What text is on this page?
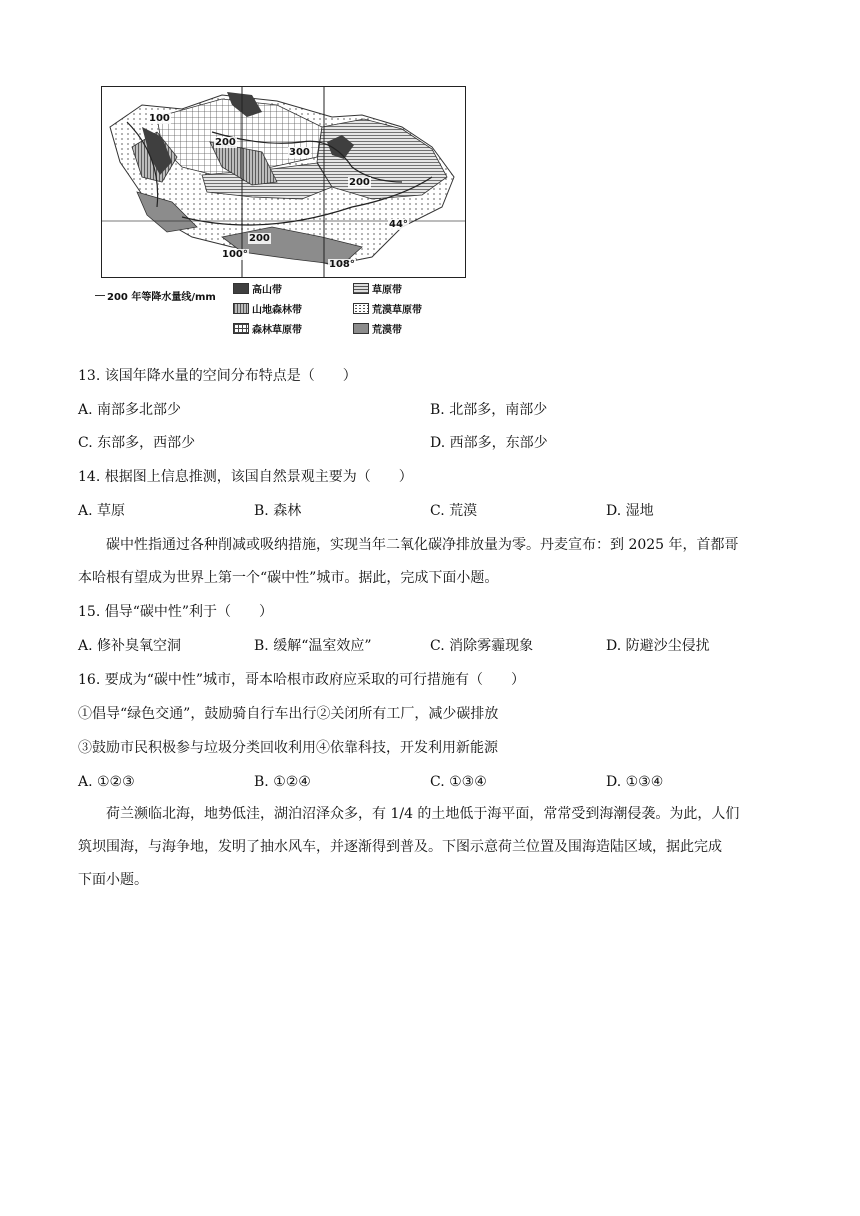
100
200
300
200
200
100°
108°
44°
200 年等降水量线/mm
高山带
山地森林带
森林草原带
草原带
荒漠草原带
荒漠带
13. 该国年降水量的空间分布特点是（　　）
A. 南部多北部少	B. 北部多，南部少
C. 东部多，西部少	D. 西部多，东部少
14. 根据图上信息推测，该国自然景观主要为（　　）
A. 草原	B. 森林	C. 荒漠	D. 湿地
碳中性指通过各种削减或吸纳措施，实现当年二氧化碳净排放量为零。丹麦宣布：到 2025 年，首都哥
本哈根有望成为世界上第一个“碳中性”城市。据此，完成下面小题。
15. 倡导“碳中性”利于（　　）
A. 修补臭氧空洞	B. 缓解“温室效应”	C. 消除雾霾现象	D. 防避沙尘侵扰
16. 要成为“碳中性”城市，哥本哈根市政府应采取的可行措施有（　　）
①倡导“绿色交通”，鼓励骑自行车出行②关闭所有工厂，减少碳排放
③鼓励市民积极参与垃圾分类回收利用④依靠科技，开发利用新能源
A. ①②③	B. ①②④	C. ①③④	D. ①③④
荷兰濒临北海，地势低洼，湖泊沼泽众多，有 1/4 的土地低于海平面，常常受到海潮侵袭。为此，人们
筑坝围海，与海争地，发明了抽水风车，并逐渐得到普及。下图示意荷兰位置及围海造陆区域，据此完成
下面小题。
